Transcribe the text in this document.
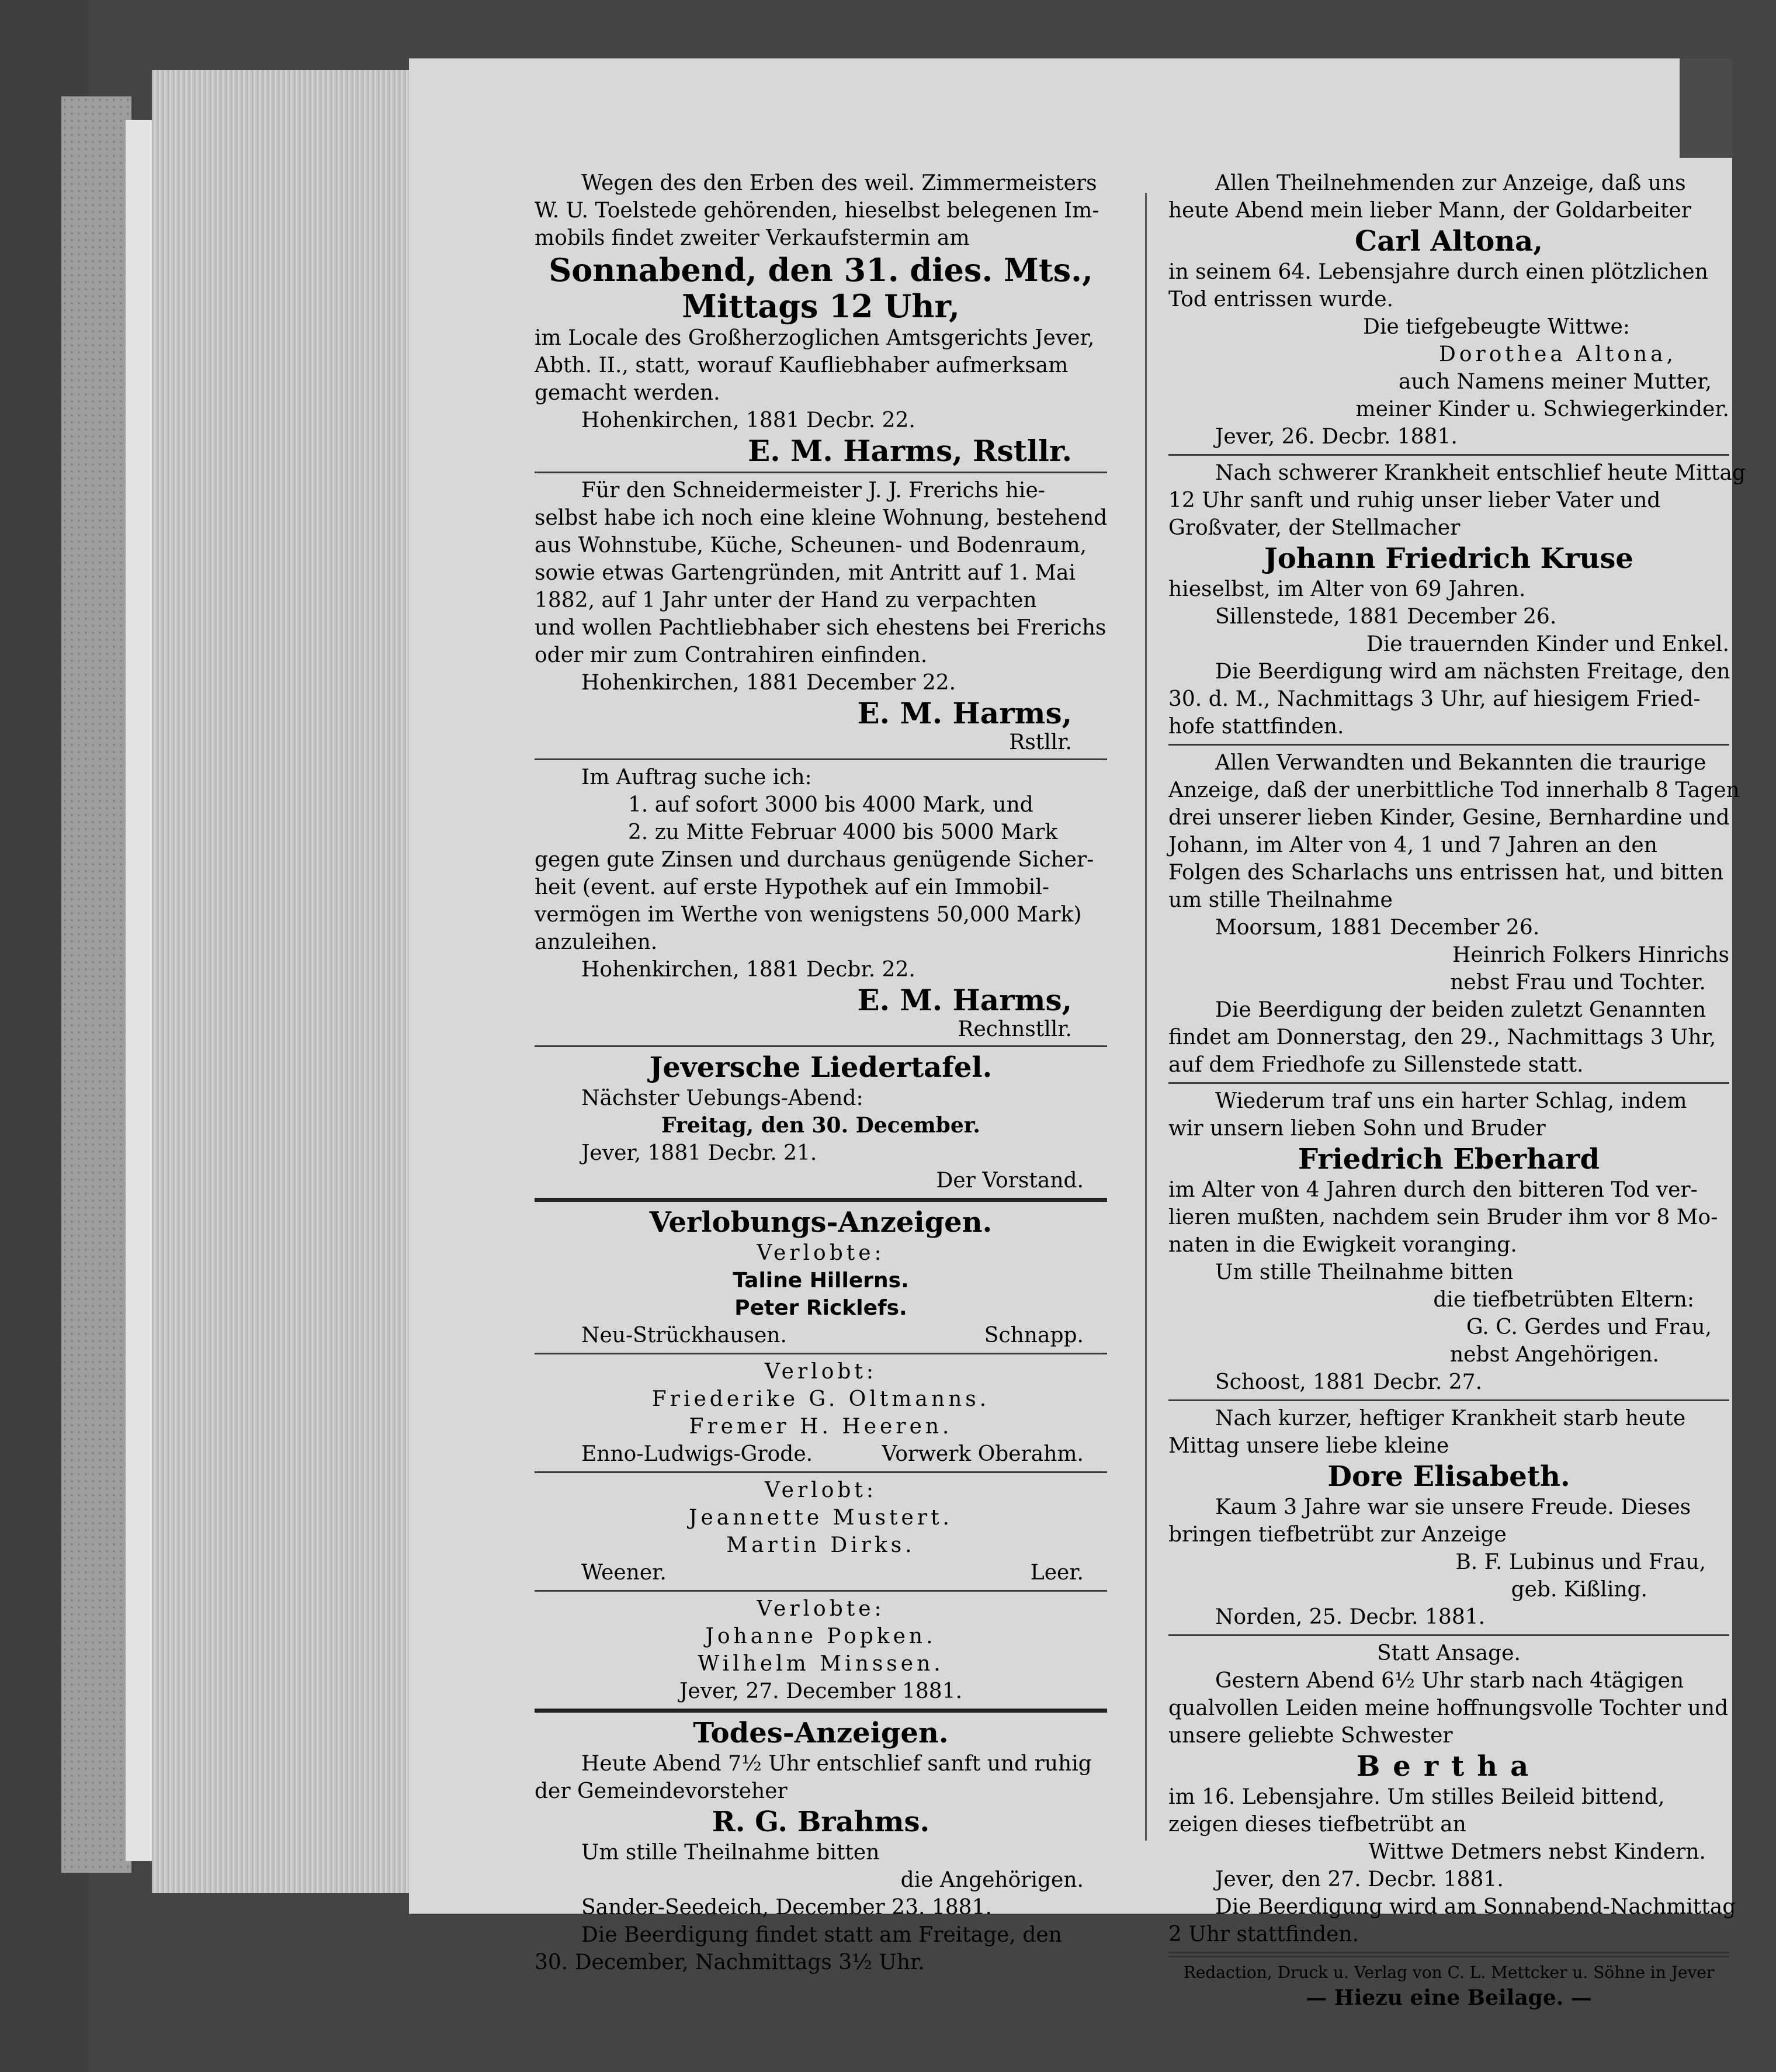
Wegen des den Erben des weil. Zimmermeisters

W. U. Toelstede gehörenden, hieselbst belegenen Im-

mobils findet zweiter Verkaufstermin am

Sonnabend, den 31. dies. Mts.,

Mittags 12 Uhr,

im Locale des Großherzoglichen Amtsgerichts Jever,

Abth. II., statt, worauf Kaufliebhaber aufmerksam

gemacht werden.

Hohenkirchen, 1881 Decbr. 22.

E. M. Harms, Rstllr.

Für den Schneidermeister J. J. Frerichs hie-

selbst habe ich noch eine kleine Wohnung, bestehend

aus Wohnstube, Küche, Scheunen- und Bodenraum,

sowie etwas Gartengründen, mit Antritt auf 1. Mai

1882, auf 1 Jahr unter der Hand zu verpachten

und wollen Pachtliebhaber sich ehestens bei Frerichs

oder mir zum Contrahiren einfinden.

Hohenkirchen, 1881 December 22.

E. M. Harms,

Rstllr.

Im Auftrag suche ich:

1. auf sofort 3000 bis 4000 Mark, und

2. zu Mitte Februar 4000 bis 5000 Mark

gegen gute Zinsen und durchaus genügende Sicher-

heit (event. auf erste Hypothek auf ein Immobil-

vermögen im Werthe von wenigstens 50,000 Mark)

anzuleihen.

Hohenkirchen, 1881 Decbr. 22.

E. M. Harms,

Rechnstllr.

Jeversche Liedertafel.

Nächster Uebungs-Abend:

Freitag, den 30. December.

Jever, 1881 Decbr. 21.

Der Vorstand.

Verlobungs-Anzeigen.

Verlobte:

Taline Hillerns.

Peter Ricklefs.

Neu-Strückhausen.	Schnapp.

Verlobt:

Friederike G. Oltmanns.

Fremer H. Heeren.

Enno-Ludwigs-Grode.	Vorwerk Oberahm.

Verlobt:

Jeannette Mustert.

Martin Dirks.

Weener.	Leer.

Verlobte:

Johanne Popken.

Wilhelm Minssen.

Jever, 27. December 1881.

Todes-Anzeigen.

Heute Abend 7½ Uhr entschlief sanft und ruhig

der Gemeindevorsteher

R. G. Brahms.

Um stille Theilnahme bitten

die Angehörigen.

Sander-Seedeich, December 23. 1881.

Die Beerdigung findet statt am Freitage, den

30. December, Nachmittags 3½ Uhr.

Allen Theilnehmenden zur Anzeige, daß uns

heute Abend mein lieber Mann, der Goldarbeiter

Carl Altona,

in seinem 64. Lebensjahre durch einen plötzlichen

Tod entrissen wurde.

Die tiefgebeugte Wittwe:

Dorothea Altona,

auch Namens meiner Mutter,

meiner Kinder u. Schwiegerkinder.

Jever, 26. Decbr. 1881.

Nach schwerer Krankheit entschlief heute Mittag

12 Uhr sanft und ruhig unser lieber Vater und

Großvater, der Stellmacher

Johann Friedrich Kruse

hieselbst, im Alter von 69 Jahren.

Sillenstede, 1881 December 26.

Die trauernden Kinder und Enkel.

Die Beerdigung wird am nächsten Freitage, den

30. d. M., Nachmittags 3 Uhr, auf hiesigem Fried-

hofe stattfinden.

Allen Verwandten und Bekannten die traurige

Anzeige, daß der unerbittliche Tod innerhalb 8 Tagen

drei unserer lieben Kinder, Gesine, Bernhardine und

Johann, im Alter von 4, 1 und 7 Jahren an den

Folgen des Scharlachs uns entrissen hat, und bitten

um stille Theilnahme

Moorsum, 1881 December 26.

Heinrich Folkers Hinrichs

nebst Frau und Tochter.

Die Beerdigung der beiden zuletzt Genannten

findet am Donnerstag, den 29., Nachmittags 3 Uhr,

auf dem Friedhofe zu Sillenstede statt.

Wiederum traf uns ein harter Schlag, indem

wir unsern lieben Sohn und Bruder

Friedrich Eberhard

im Alter von 4 Jahren durch den bitteren Tod ver-

lieren mußten, nachdem sein Bruder ihm vor 8 Mo-

naten in die Ewigkeit voranging.

Um stille Theilnahme bitten

die tiefbetrübten Eltern:

G. C. Gerdes und Frau,

nebst Angehörigen.

Schoost, 1881 Decbr. 27.

Nach kurzer, heftiger Krankheit starb heute

Mittag unsere liebe kleine

Dore Elisabeth.

Kaum 3 Jahre war sie unsere Freude. Dieses

bringen tiefbetrübt zur Anzeige

B. F. Lubinus und Frau,

geb. Kißling.

Norden, 25. Decbr. 1881.

Statt Ansage.

Gestern Abend 6½ Uhr starb nach 4tägigen

qualvollen Leiden meine hoffnungsvolle Tochter und

unsere geliebte Schwester

Bertha

im 16. Lebensjahre. Um stilles Beileid bittend,

zeigen dieses tiefbetrübt an

Wittwe Detmers nebst Kindern.

Jever, den 27. Decbr. 1881.

Die Beerdigung wird am Sonnabend-Nachmittag

2 Uhr stattfinden.

Redaction, Druck u. Verlag von C. L. Mettcker u. Söhne in Jever

— Hiezu eine Beilage. —
